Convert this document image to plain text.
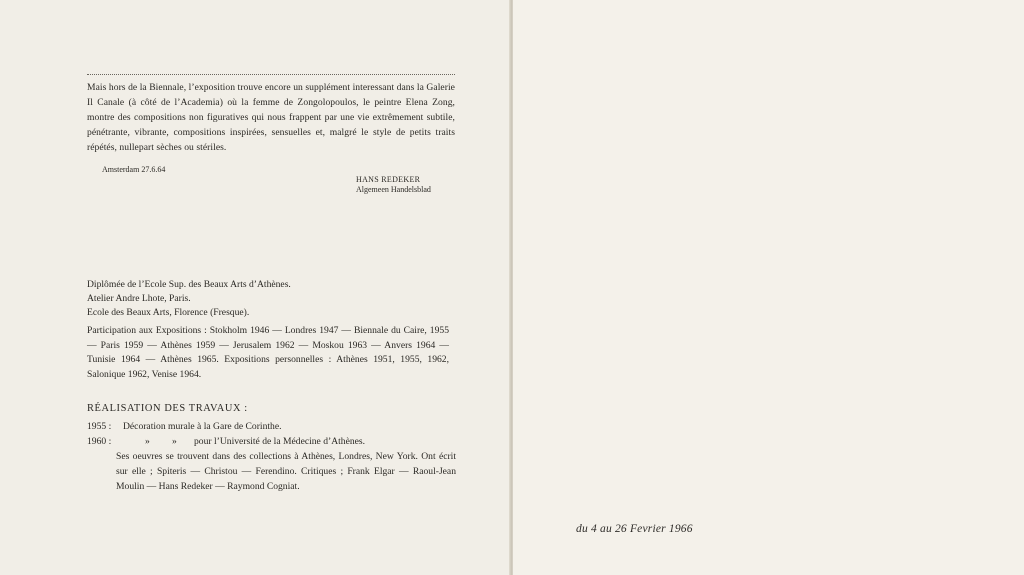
Mais hors de la Biennale, l’exposition trouve encore un supplément interessant dans la Galerie Il Canale (à côté de l’Academia) où la femme de Zongolopoulos, le peintre Elena Zong, montre des compositions non figuratives qui nous frappent par une vie extrêmement subtile, pénétrante, vibrante, compositions inspirées, sensuelles et, malgré le style de petits traits répétés, nullepart sèches ou stériles.

Amsterdam 27.6.64
HANS REDEKER
Algemeen Handelsblad
Diplômée de l’Ecole Sup. des Beaux Arts d’Athènes.
Atelier Andre Lhote, Paris.
Ecole des Beaux Arts, Florence (Fresque).

Participation aux Expositions : Stokholm 1946 — Londres 1947 — Biennale du Caire, 1955 — Paris 1959 — Athènes 1959 — Jerusalem 1962 — Moskou 1963 — Anvers 1964 — Tunisie 1964 — Athènes 1965. Expositions personnelles : Athènes 1951, 1955, 1962, Salonique 1962, Venise 1964.

RÉALISATION DES TRAVAUX :
1955 : Décoration murale à la Gare de Corinthe.
1960 :	» » pour l’Université de la Médecine d’Athènes.

Ses oeuvres se trouvent dans des collections à Athènes, Londres, New York. Ont écrit sur elle ; Spiteris — Christou — Ferendino. Critiques ; Frank Elgar — Raoul-Jean Moulin — Hans Redeker — Raymond Cogniat.

du 4 au 26 Fevrier 1966
